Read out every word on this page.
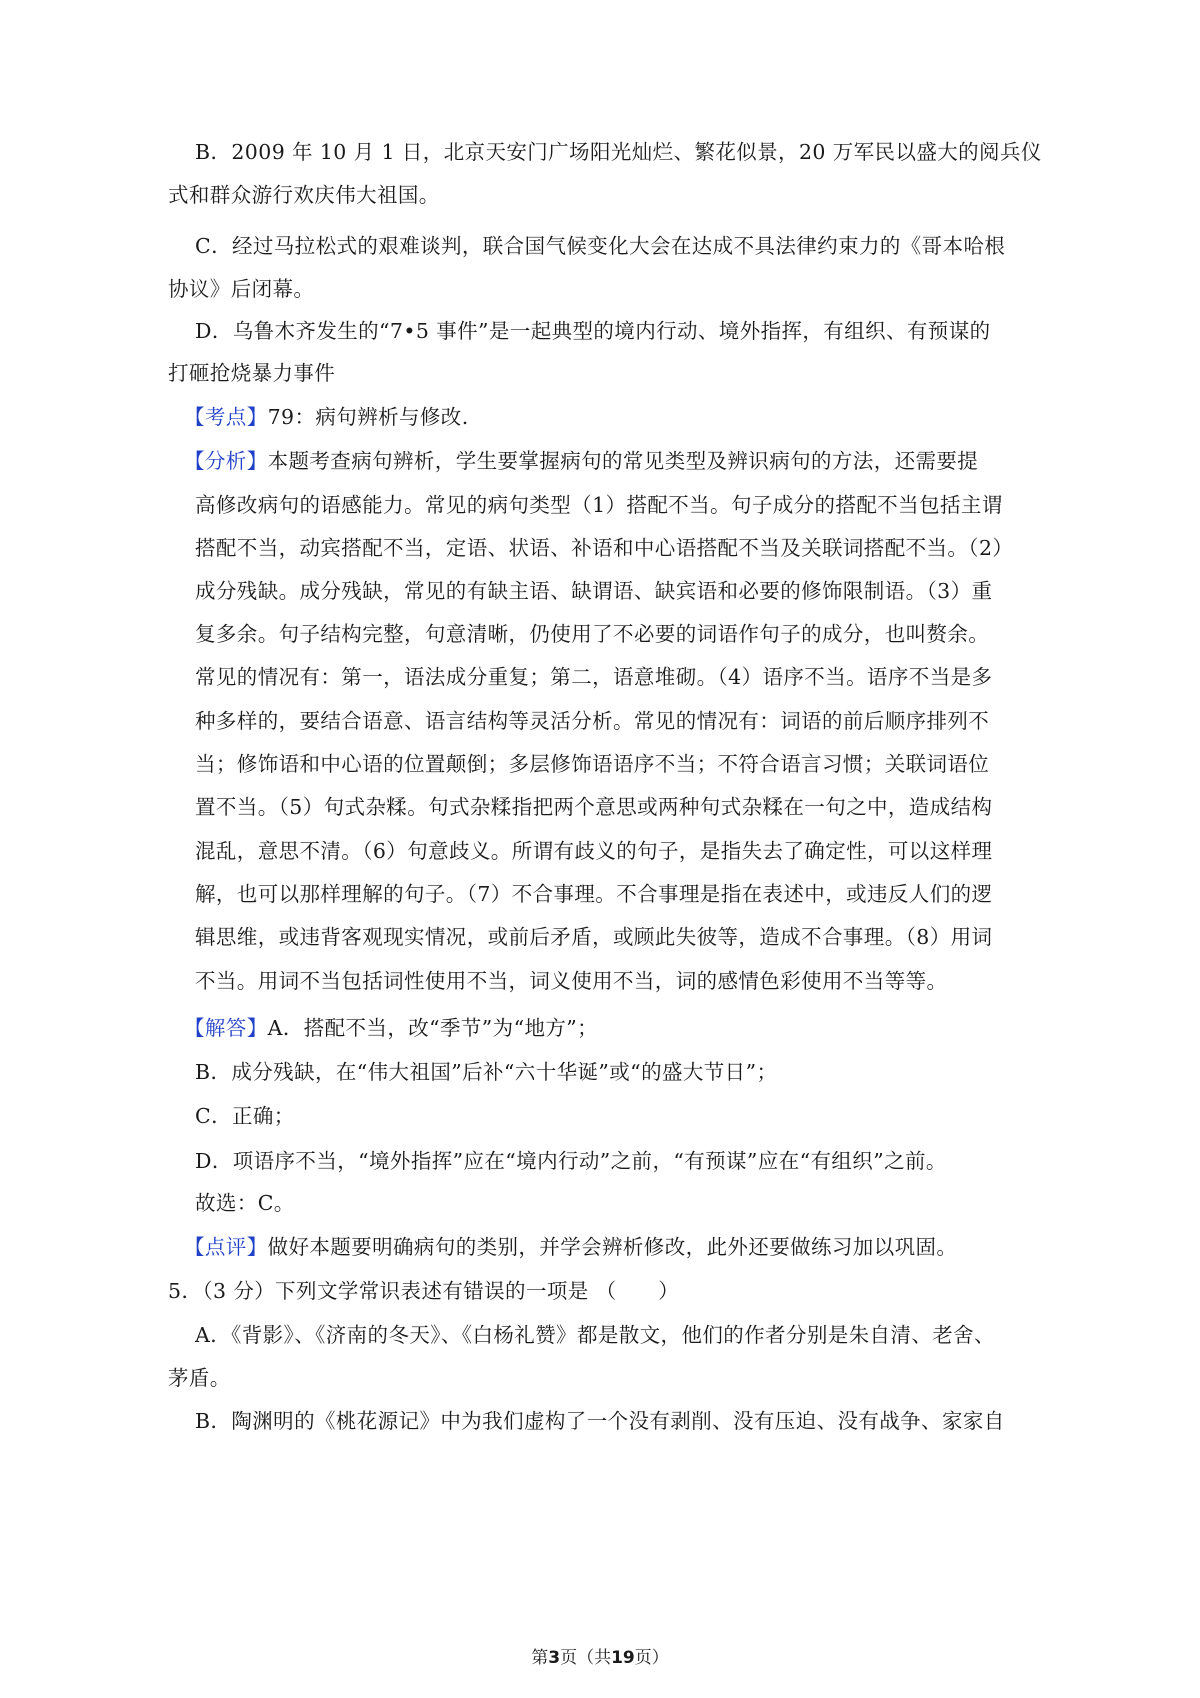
B．2009 年 10 月 1 日，北京天安门广场阳光灿烂、繁花似景，20 万军民以盛大的阅兵仪
式和群众游行欢庆伟大祖国。
C．经过马拉松式的艰难谈判，联合国气候变化大会在达成不具法律约束力的《哥本哈根
协议》后闭幕。
D．乌鲁木齐发生的“7•5 事件”是一起典型的境内行动、境外指挥，有组织、有预谋的
打砸抢烧暴力事件
【考点】79：病句辨析与修改.
【分析】本题考查病句辨析，学生要掌握病句的常见类型及辨识病句的方法，还需要提
高修改病句的语感能力。常见的病句类型（1）搭配不当。句子成分的搭配不当包括主谓
搭配不当，动宾搭配不当，定语、状语、补语和中心语搭配不当及关联词搭配不当。（2）
成分残缺。成分残缺，常见的有缺主语、缺谓语、缺宾语和必要的修饰限制语。（3）重
复多余。句子结构完整，句意清晰，仍使用了不必要的词语作句子的成分，也叫赘余。
常见的情况有：第一，语法成分重复；第二，语意堆砌。（4）语序不当。语序不当是多
种多样的，要结合语意、语言结构等灵活分析。常见的情况有：词语的前后顺序排列不
当；修饰语和中心语的位置颠倒；多层修饰语语序不当；不符合语言习惯；关联词语位
置不当。（5）句式杂糅。句式杂糅指把两个意思或两种句式杂糅在一句之中，造成结构
混乱，意思不清。（6）句意歧义。所谓有歧义的句子，是指失去了确定性，可以这样理
解，也可以那样理解的句子。（7）不合事理。不合事理是指在表述中，或违反人们的逻
辑思维，或违背客观现实情况，或前后矛盾，或顾此失彼等，造成不合事理。（8）用词
不当。用词不当包括词性使用不当，词义使用不当，词的感情色彩使用不当等等。
【解答】A．搭配不当，改“季节”为“地方”；
B．成分残缺，在“伟大祖国”后补“六十华诞”或“的盛大节日”；
C．正确；
D．项语序不当，“境外指挥”应在“境内行动”之前，“有预谋”应在“有组织”之前。
故选：C。
【点评】做好本题要明确病句的类别，并学会辨析修改，此外还要做练习加以巩固。
5．（3 分）下列文学常识表述有错误的一项是 （　　）
A．《背影》、《济南的冬天》、《白杨礼赞》都是散文，他们的作者分别是朱自清、老舍、
茅盾。
B．陶渊明的《桃花源记》中为我们虚构了一个没有剥削、没有压迫、没有战争、家家自
第3页（共19页）
